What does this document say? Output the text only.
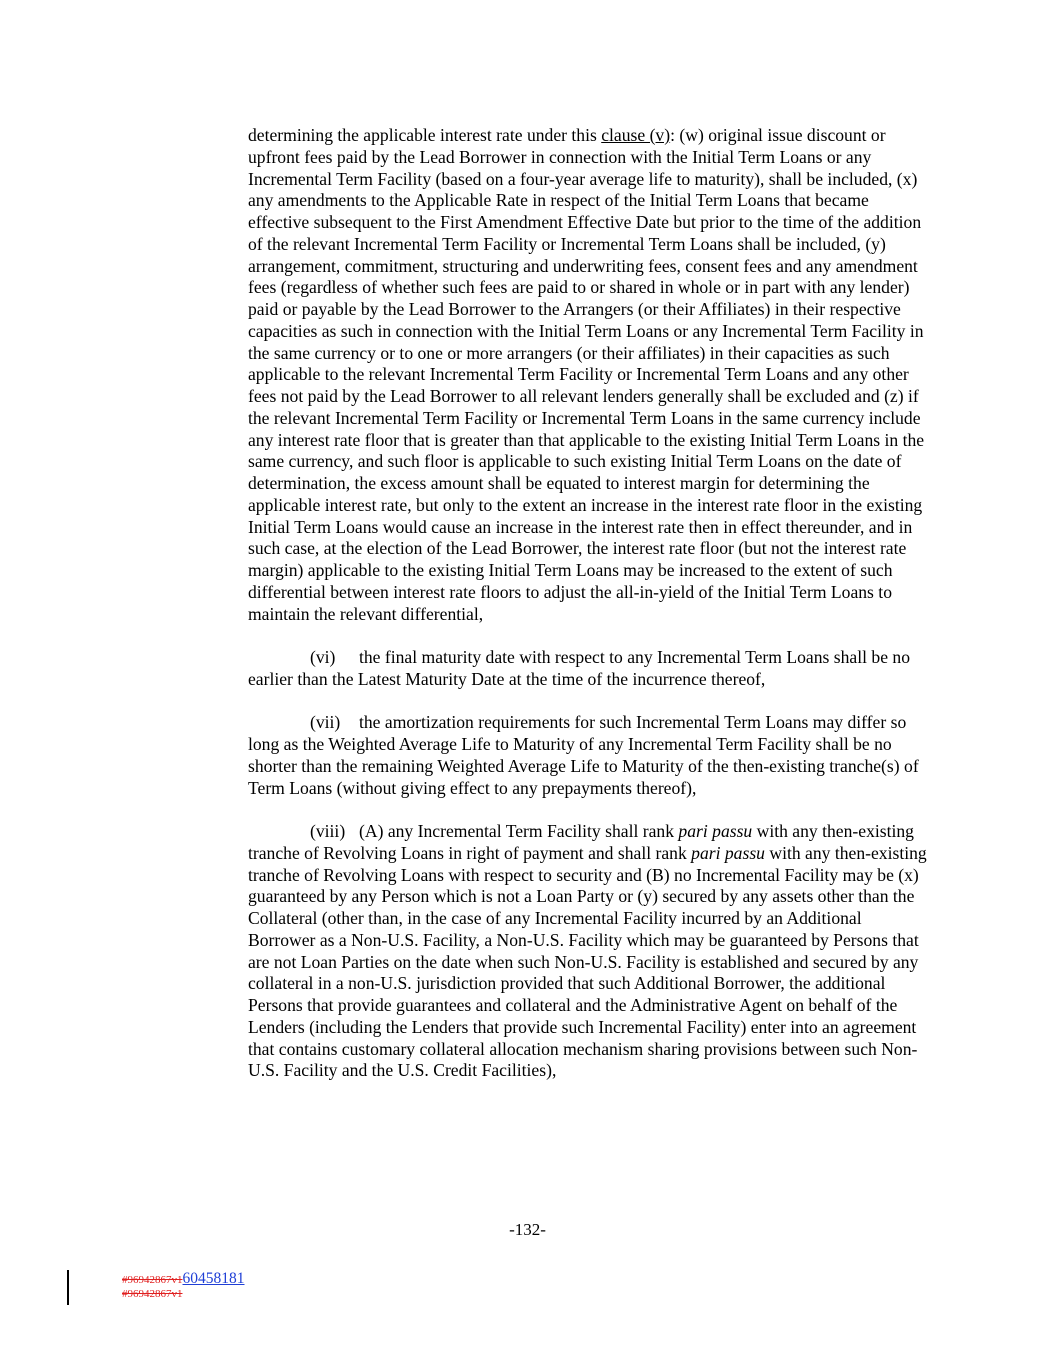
determining the applicable interest rate under this clause (v): (w) original issue discount or upfront fees paid by the Lead Borrower in connection with the Initial Term Loans or any Incremental Term Facility (based on a four-year average life to maturity), shall be included, (x) any amendments to the Applicable Rate in respect of the Initial Term Loans that became effective subsequent to the First Amendment Effective Date but prior to the time of the addition of the relevant Incremental Term Facility or Incremental Term Loans shall be included, (y) arrangement, commitment, structuring and underwriting fees, consent fees and any amendment fees (regardless of whether such fees are paid to or shared in whole or in part with any lender) paid or payable by the Lead Borrower to the Arrangers (or their Affiliates) in their respective capacities as such in connection with the Initial Term Loans or any Incremental Term Facility in the same currency or to one or more arrangers (or their affiliates) in their capacities as such applicable to the relevant Incremental Term Facility or Incremental Term Loans and any other fees not paid by the Lead Borrower to all relevant lenders generally shall be excluded and (z) if the relevant Incremental Term Facility or Incremental Term Loans in the same currency include any interest rate floor that is greater than that applicable to the existing Initial Term Loans in the same currency, and such floor is applicable to such existing Initial Term Loans on the date of determination, the excess amount shall be equated to interest margin for determining the applicable interest rate, but only to the extent an increase in the interest rate floor in the existing Initial Term Loans would cause an increase in the interest rate then in effect thereunder, and in such case, at the election of the Lead Borrower, the interest rate floor (but not the interest rate margin) applicable to the existing Initial Term Loans may be increased to the extent of such differential between interest rate floors to adjust the all-in-yield of the Initial Term Loans to maintain the relevant differential,

(vi) the final maturity date with respect to any Incremental Term Loans shall be no earlier than the Latest Maturity Date at the time of the incurrence thereof,

(vii) the amortization requirements for such Incremental Term Loans may differ so long as the Weighted Average Life to Maturity of any Incremental Term Facility shall be no shorter than the remaining Weighted Average Life to Maturity of the then-existing tranche(s) of Term Loans (without giving effect to any prepayments thereof),

(viii) (A) any Incremental Term Facility shall rank pari passu with any then-existing tranche of Revolving Loans in right of payment and shall rank pari passu with any then-existing tranche of Revolving Loans with respect to security and (B) no Incremental Facility may be (x) guaranteed by any Person which is not a Loan Party or (y) secured by any assets other than the Collateral (other than, in the case of any Incremental Facility incurred by an Additional Borrower as a Non-U.S. Facility, a Non-U.S. Facility which may be guaranteed by Persons that are not Loan Parties on the date when such Non-U.S. Facility is established and secured by any collateral in a non-U.S. jurisdiction provided that such Additional Borrower, the additional Persons that provide guarantees and collateral and the Administrative Agent on behalf of the Lenders (including the Lenders that provide such Incremental Facility) enter into an agreement that contains customary collateral allocation mechanism sharing provisions between such Non-U.S. Facility and the U.S. Credit Facilities),

-132-
#96942867v160458181
#96942867v1
